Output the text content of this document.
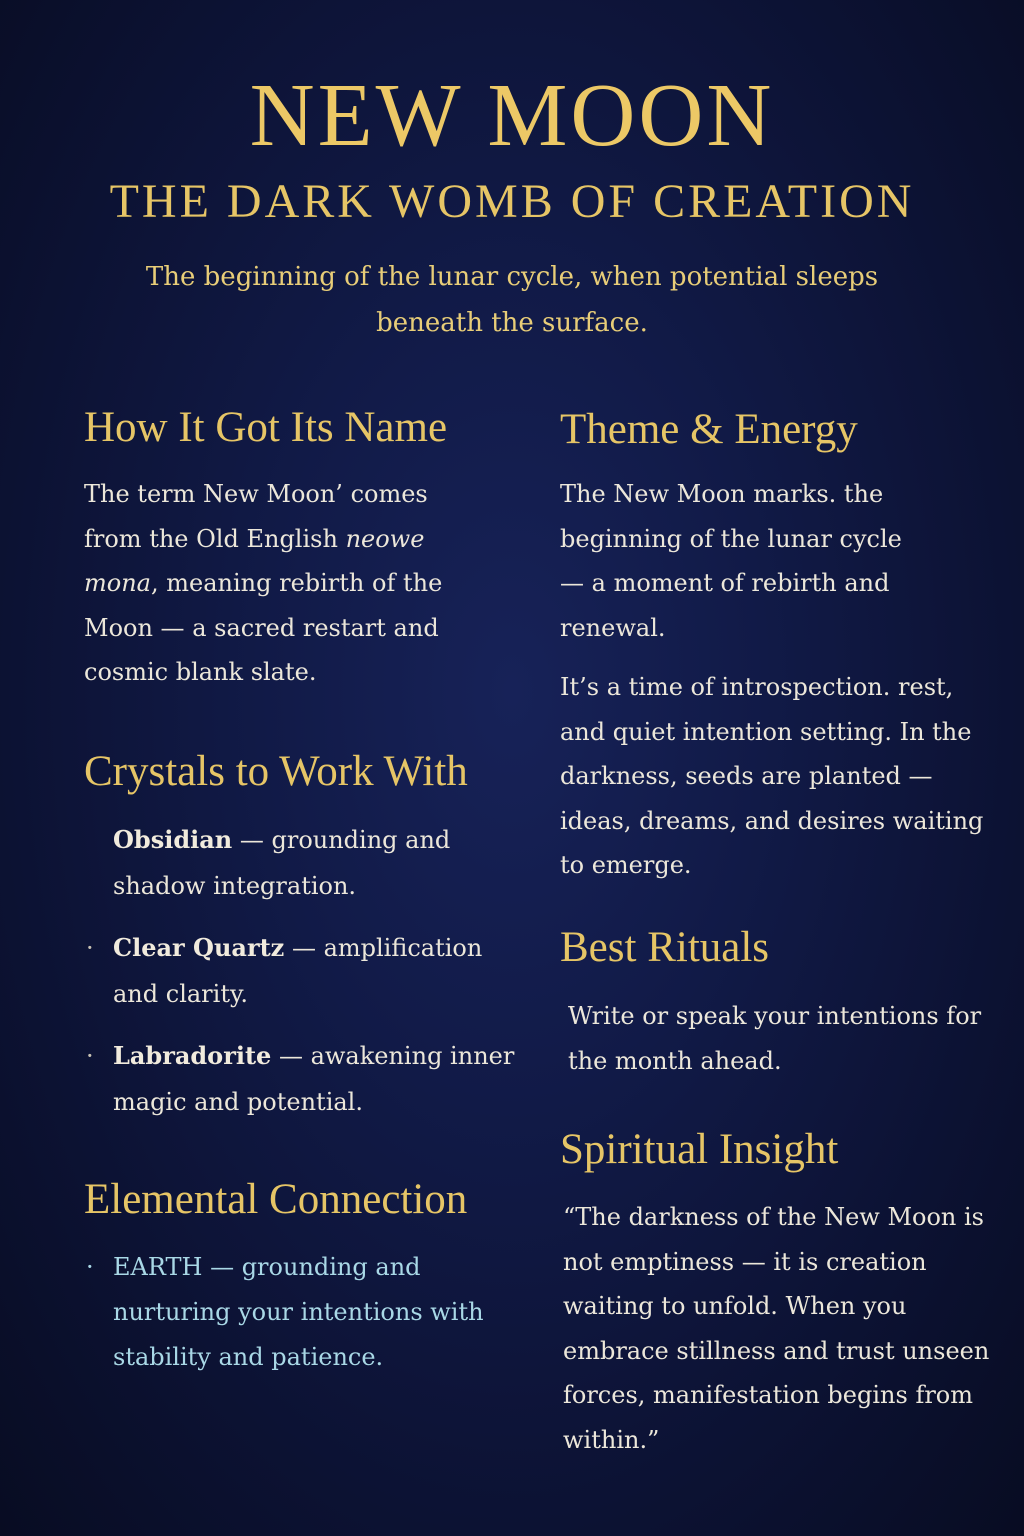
NEW MOON
THE DARK WOMB OF CREATION

The beginning of the lunar cycle, when potential sleeps beneath the surface.

How It Got Its Name

The term New Moon’ comes from the Old English neowe mona, meaning rebirth of the Moon — a sacred restart and cosmic blank slate.

Crystals to Work With
Obsidian — grounding and shadow integration.
· Clear Quartz — amplification and clarity.
· Labradorite — awakening inner magic and potential.
Elemental Connection
· EARTH — grounding and nurturing your intentions with stability and patience.
Theme & Energy

The New Moon marks. the beginning of the lunar cycle — a moment of rebirth and renewal.

It’s a time of introspection. rest, and quiet intention setting. In the darkness, seeds are planted — ideas, dreams, and desires waiting to emerge.

Best Rituals

Write or speak your intentions for the month ahead.

Spiritual Insight

“The darkness of the New Moon is not emptiness — it is creation waiting to unfold. When you embrace stillness and trust unseen forces, manifestation begins from within.”
